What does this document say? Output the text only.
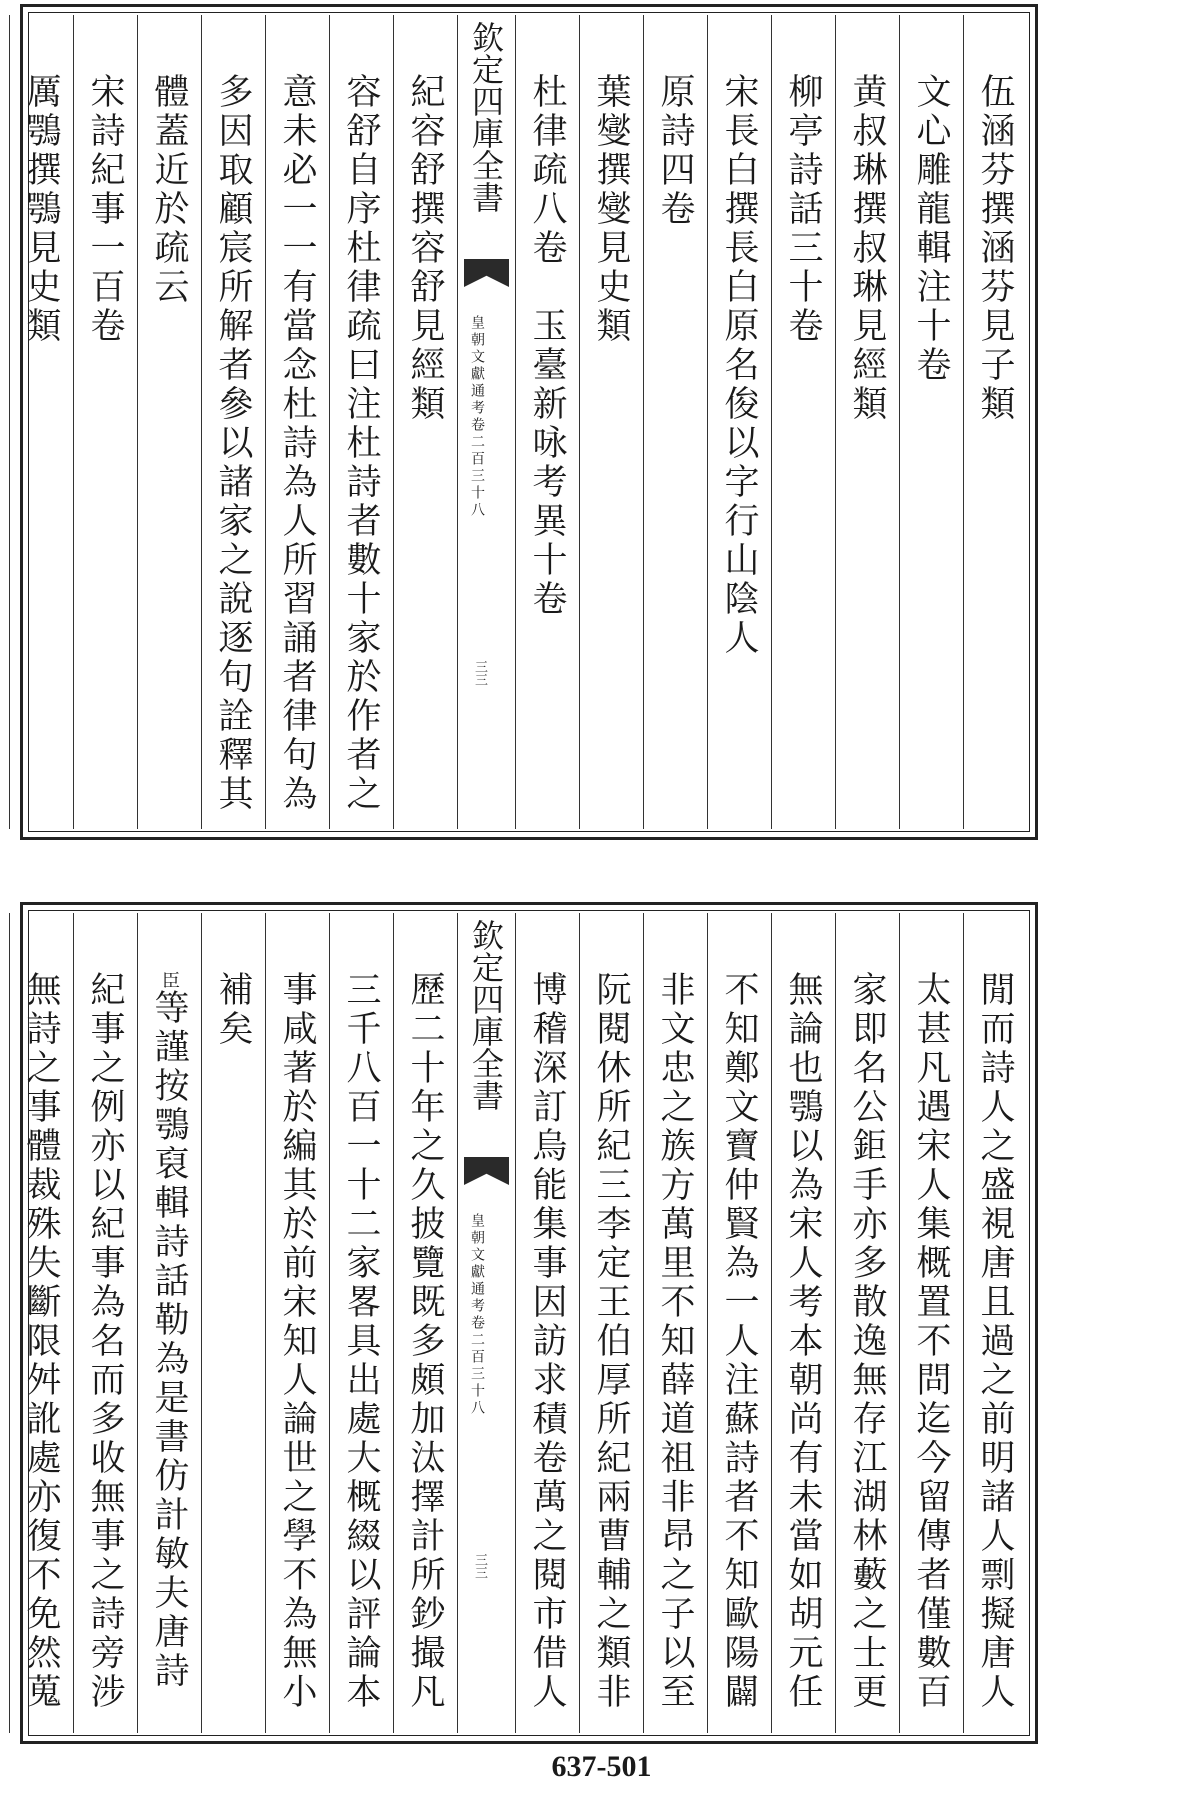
伍涵芬撰涵芬見子類
文心雕龍輯注十卷
黄叔琳撰叔琳見經類
柳亭詩話三十卷
宋長白撰長白原名俊以字行山陰人
原詩四卷
葉燮撰燮見史類
杜律疏八卷　玉臺新咏考異十卷
欽定四庫全書
皇朝文獻通考卷二百三十八
三三
紀容舒撰容舒見經類
容舒自序杜律疏曰注杜詩者數十家於作者之
意未必一一有當念杜詩為人所習誦者律句為
多因取顧宸所解者參以諸家之說逐句詮釋其
體蓋近於疏云
宋詩紀事一百卷
厲鶚撰鶚見史類
閒而詩人之盛視唐且過之前明諸人剽擬唐人
太甚凡遇宋人集概置不問迄今留傳者僅數百
家即名公鉅手亦多散逸無存江湖林藪之士更
無論也鶚以為宋人考本朝尚有未當如胡元任
不知鄭文寶仲賢為一人注蘇詩者不知歐陽闢
非文忠之族方萬里不知薛道祖非昂之子以至
阮閱休所紀三李定王伯厚所紀兩曹輔之類非
博稽深訂烏能集事因訪求積卷萬之閱市借人
欽定四庫全書
皇朝文獻通考卷二百三十八
三三
歷二十年之久披覽既多頗加汰擇計所鈔撮凡
三千八百一十二家畧具出處大概綴以評論本
事咸著於編其於前宋知人論世之學不為無小
補矣
$^臣$等謹按鶚裒輯詩話勒為是書仿計敏夫唐詩
紀事之例亦以紀事為名而多收無事之詩旁涉
無詩之事體裁殊失斷限舛訛處亦復不免然蒐
637-501
